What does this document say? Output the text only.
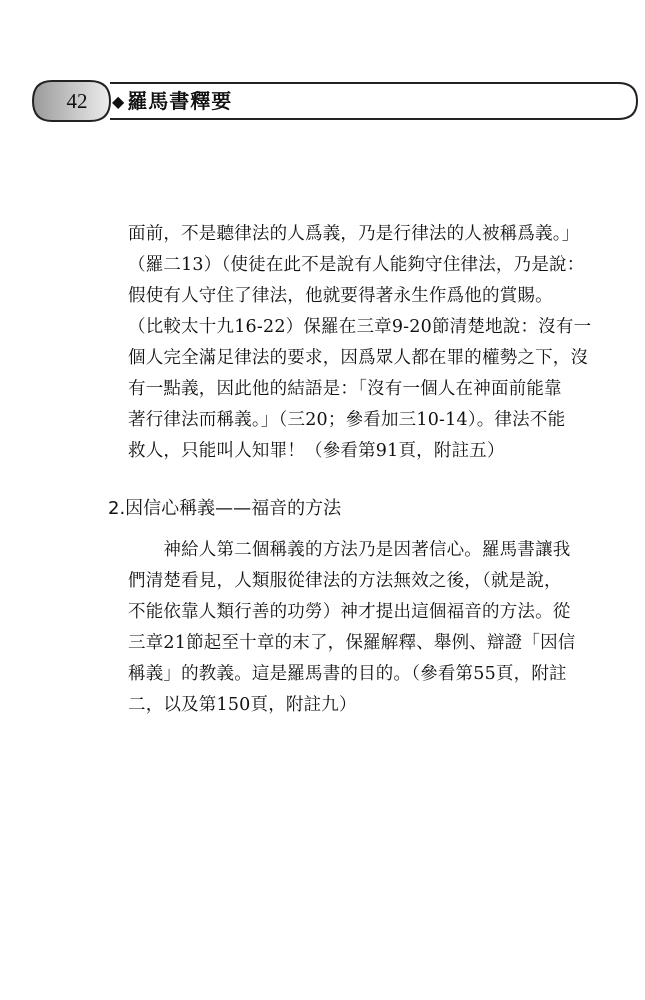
42	◆ 羅馬書釋要

面前，不是聽律法的人爲義，乃是行律法的人被稱爲義。」

（羅二13）（使徒在此不是說有人能夠守住律法，乃是說：

假使有人守住了律法，他就要得著永生作爲他的賞賜。

（比較太十九16-22）保羅在三章9-20節清楚地說：沒有一

個人完全滿足律法的要求，因爲眾人都在罪的權勢之下，沒

有一點義，因此他的結語是：「沒有一個人在神面前能靠

著行律法而稱義。」（三20；參看加三10-14）。律法不能

救人，只能叫人知罪！（參看第91頁，附註五）

2.因信心稱義——福音的方法

　　神給人第二個稱義的方法乃是因著信心。羅馬書讓我

們清楚看見，人類服從律法的方法無效之後，（就是說，

不能依靠人類行善的功勞）神才提出這個福音的方法。從

三章21節起至十章的末了，保羅解釋、舉例、辯證「因信

稱義」的教義。這是羅馬書的目的。（參看第55頁，附註

二，以及第150頁，附註九）
